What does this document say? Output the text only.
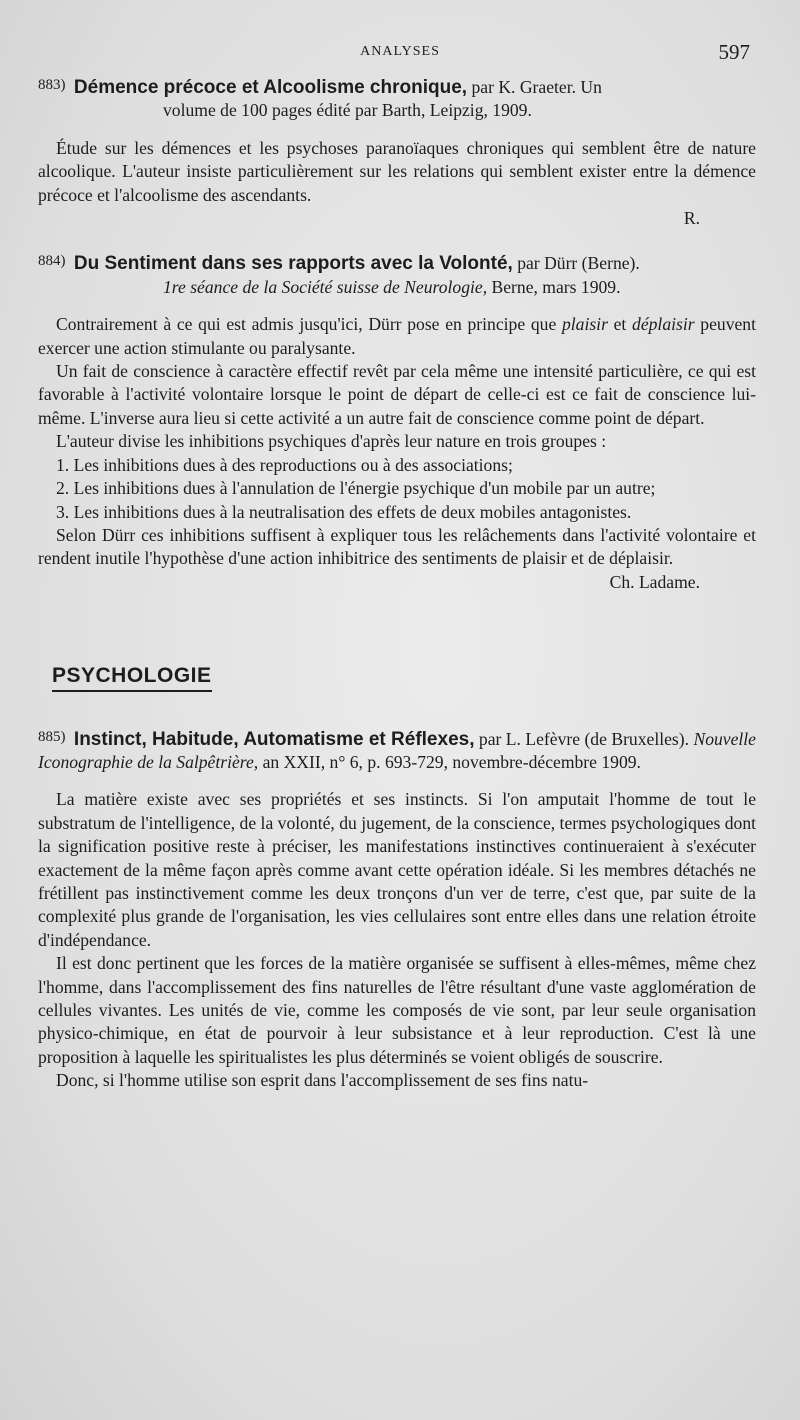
ANALYSES	597

883) Démence précoce et Alcoolisme chronique, par K. Graeter. Un

volume de 100 pages édité par Barth, Leipzig, 1909.

Étude sur les démences et les psychoses paranoïaques chroniques qui semblent être de nature alcoolique. L'auteur insiste particulièrement sur les relations qui semblent exister entre la démence précoce et l'alcoolisme des ascendants.

R.

884) Du Sentiment dans ses rapports avec la Volonté, par Dürr (Berne).

1re séance de la Société suisse de Neurologie, Berne, mars 1909.

Contrairement à ce qui est admis jusqu'ici, Dürr pose en principe que plaisir et déplaisir peuvent exercer une action stimulante ou paralysante.

Un fait de conscience à caractère effectif revêt par cela même une intensité particulière, ce qui est favorable à l'activité volontaire lorsque le point de départ de celle-ci est ce fait de conscience lui-même. L'inverse aura lieu si cette activité a un autre fait de conscience comme point de départ.

L'auteur divise les inhibitions psychiques d'après leur nature en trois groupes :

1. Les inhibitions dues à des reproductions ou à des associations;

2. Les inhibitions dues à l'annulation de l'énergie psychique d'un mobile par un autre;

3. Les inhibitions dues à la neutralisation des effets de deux mobiles antagonistes.

Selon Dürr ces inhibitions suffisent à expliquer tous les relâchements dans l'activité volontaire et rendent inutile l'hypothèse d'une action inhibitrice des sentiments de plaisir et de déplaisir.
Ch. Ladame.

PSYCHOLOGIE

885) Instinct, Habitude, Automatisme et Réflexes, par L. Lefèvre (de Bruxelles). Nouvelle Iconographie de la Salpêtrière, an XXII, n° 6, p. 693-729, novembre-décembre 1909.

La matière existe avec ses propriétés et ses instincts. Si l'on amputait l'homme de tout le substratum de l'intelligence, de la volonté, du jugement, de la conscience, termes psychologiques dont la signification positive reste à préciser, les manifestations instinctives continueraient à s'exécuter exactement de la même façon après comme avant cette opération idéale. Si les membres détachés ne frétillent pas instinctivement comme les deux tronçons d'un ver de terre, c'est que, par suite de la complexité plus grande de l'organisation, les vies cellulaires sont entre elles dans une relation étroite d'indépendance.

Il est donc pertinent que les forces de la matière organisée se suffisent à elles-mêmes, même chez l'homme, dans l'accomplissement des fins naturelles de l'être résultant d'une vaste agglomération de cellules vivantes. Les unités de vie, comme les composés de vie sont, par leur seule organisation physico-chimique, en état de pourvoir à leur subsistance et à leur reproduction. C'est là une proposition à laquelle les spiritualistes les plus déterminés se voient obligés de souscrire.

Donc, si l'homme utilise son esprit dans l'accomplissement de ses fins natu-
